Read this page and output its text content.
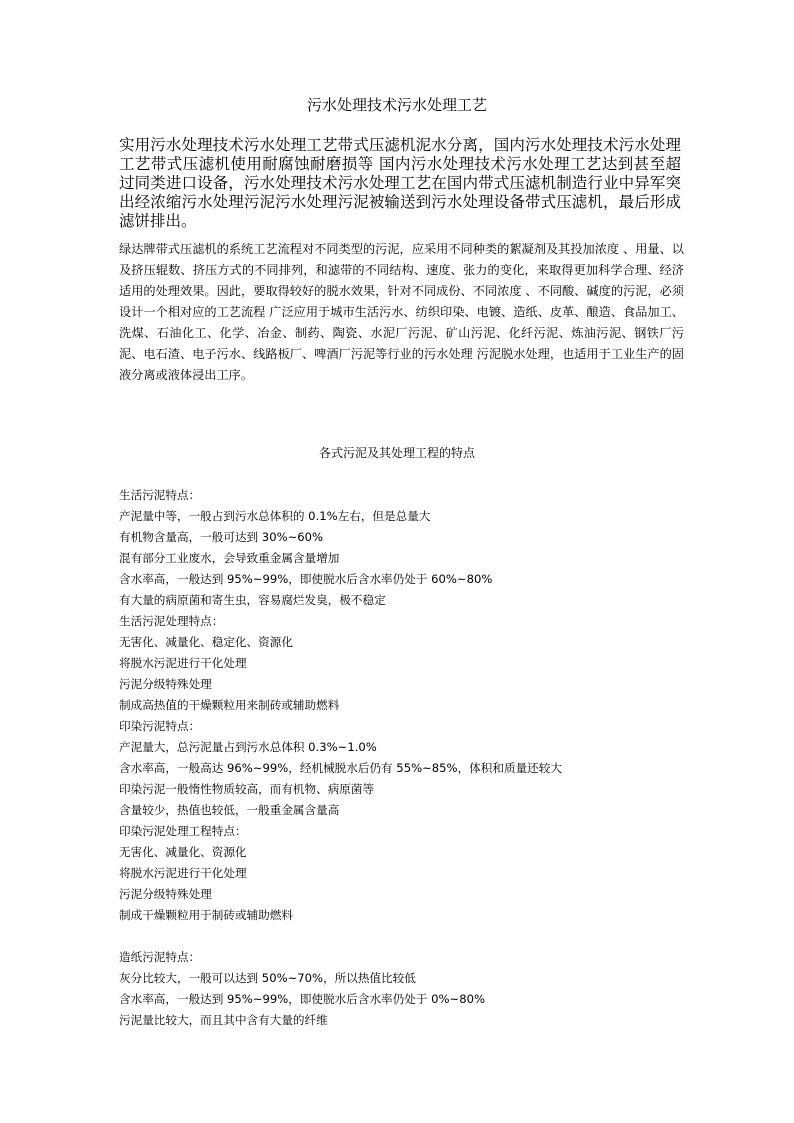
污水处理技术污水处理工艺

实用污水处理技术污水处理工艺带式压滤机泥水分离，国内污水处理技术污水处理工艺带式压滤机使用耐腐蚀耐磨损等 国内污水处理技术污水处理工艺达到甚至超过同类进口设备，污水处理技术污水处理工艺在国内带式压滤机制造行业中异军突出经浓缩污水处理污泥污水处理污泥被输送到污水处理设备带式压滤机，最后形成滤饼排出。

绿达牌带式压滤机的系统工艺流程对不同类型的污泥，应采用不同种类的絮凝剂及其投加浓度 、用量、以及挤压辊数、挤压方式的不同排列，和滤带的不同结构、速度、张力的变化，来取得更加科学合理、经济适用的处理效果。因此，要取得较好的脱水效果，针对不同成份、不同浓度 、不同酸、碱度的污泥，必须设计一个相对应的工艺流程 广泛应用于城市生活污水、纺织印染、电镀、造纸、皮革、酿造、食品加工、洗煤、石油化工、化学、冶金、制药、陶瓷、水泥厂污泥、矿山污泥、化纤污泥、炼油污泥、钢铁厂污泥、电石渣、电子污水、线路板厂、啤酒厂污泥等行业的污水处理 污泥脱水处理，也适用于工业生产的固液分离或液体浸出工序。

各式污泥及其处理工程的特点
生活污泥特点：
产泥量中等，一般占到污水总体积的 0.1%左右，但是总量大
有机物含量高，一般可达到 30%~60%
混有部分工业废水，会导致重金属含量增加
含水率高，一般达到 95%~99%，即使脱水后含水率仍处于 60%~80%
有大量的病原菌和寄生虫，容易腐烂发臭，极不稳定
生活污泥处理特点：
无害化、减量化、稳定化、资源化
将脱水污泥进行干化处理
污泥分级特殊处理
制成高热值的干燥颗粒用来制砖或辅助燃料
印染污泥特点：
产泥量大，总污泥量占到污水总体积 0.3%~1.0%
含水率高，一般高达 96%~99%，经机械脱水后仍有 55%~85%，体积和质量还较大
印染污泥一般惰性物质较高，而有机物、病原菌等
含量较少，热值也较低，一般重金属含量高
印染污泥处理工程特点：
无害化、减量化、资源化
将脱水污泥进行干化处理
污泥分级特殊处理
制成干燥颗粒用于制砖或辅助燃料
造纸污泥特点：
灰分比较大，一般可以达到 50%~70%，所以热值比较低
含水率高，一般达到 95%~99%，即使脱水后含水率仍处于 0%~80%
污泥量比较大，而且其中含有大量的纤维
